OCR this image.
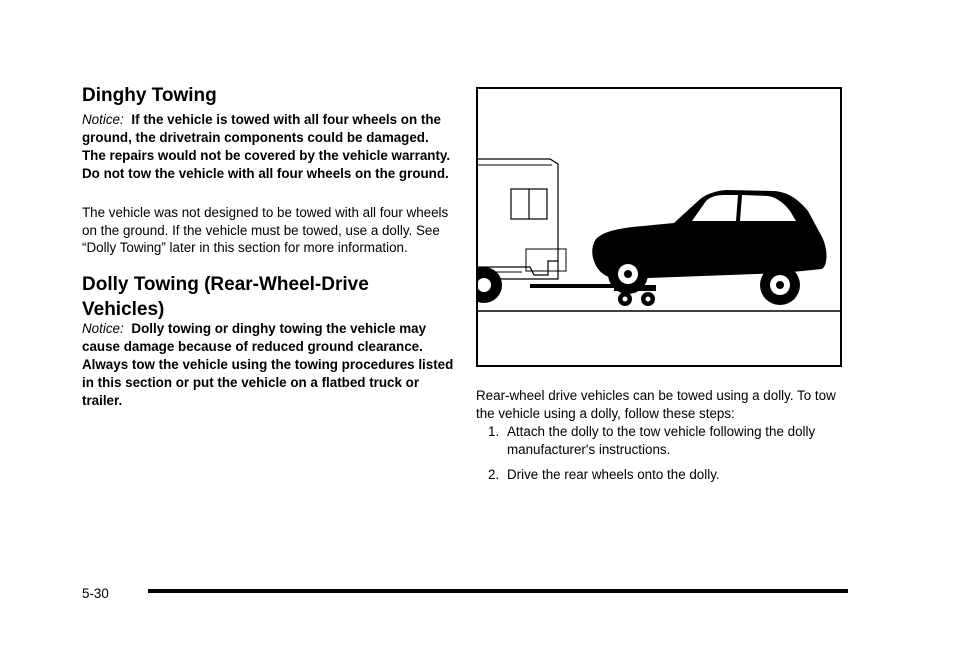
Dinghy Towing

Notice: If the vehicle is towed with all four wheels on the ground, the drivetrain components could be damaged. The repairs would not be covered by the vehicle warranty. Do not tow the vehicle with all four wheels on the ground.

The vehicle was not designed to be towed with all four wheels on the ground. If the vehicle must be towed, use a dolly. See “Dolly Towing” later in this section for more information.

Dolly Towing (Rear-Wheel-Drive Vehicles)

Notice: Dolly towing or dinghy towing the vehicle may cause damage because of reduced ground clearance. Always tow the vehicle using the towing procedures listed in this section or put the vehicle on a flatbed truck or trailer.	Rear-wheel drive vehicles can be towed using a dolly. To tow the vehicle using a dolly, follow these steps:

1. Attach the dolly to the tow vehicle following the dolly manufacturer's instructions.
2. Drive the rear wheels onto the dolly.
5-30
